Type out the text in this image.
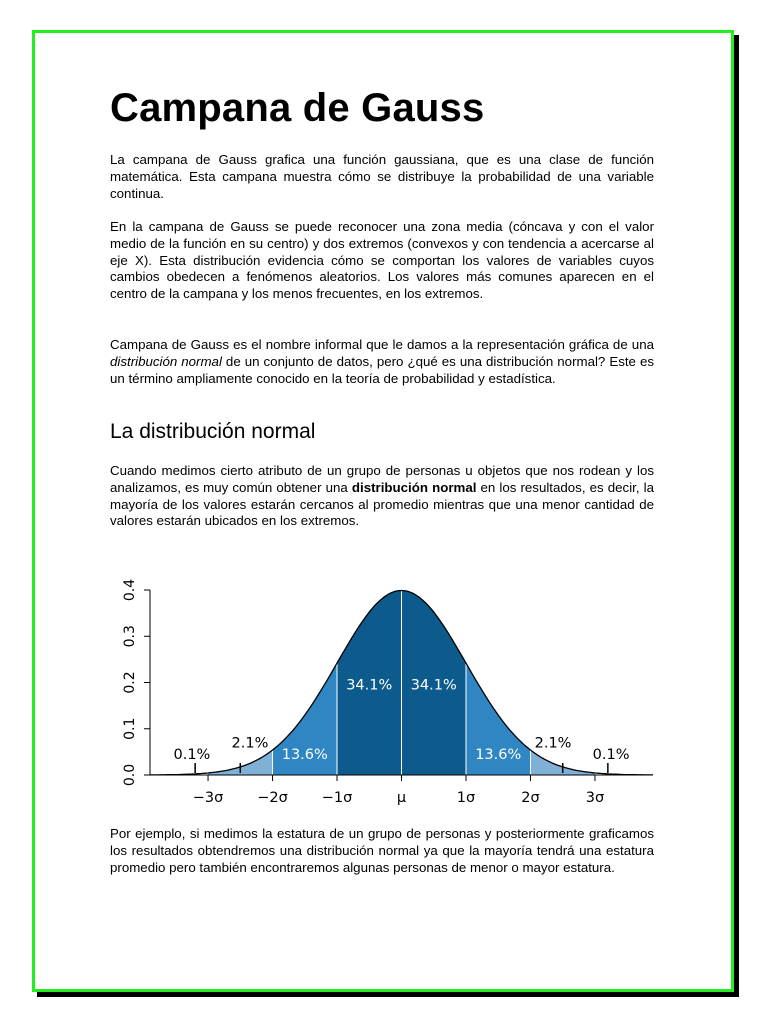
Campana de Gauss

La campana de Gauss grafica una función gaussiana, que es una clase de función matemática. Esta campana muestra cómo se distribuye la probabilidad de una variable continua.

En la campana de Gauss se puede reconocer una zona media (cóncava y con el valor medio de la función en su centro) y dos extremos (convexos y con tendencia a acercarse al eje X). Esta distribución evidencia cómo se comportan los valores de variables cuyos cambios obedecen a fenómenos aleatorios. Los valores más comunes aparecen en el centro de la campana y los menos frecuentes, en los extremos.

Campana de Gauss es el nombre informal que le damos a la representación gráfica de una distribución normal de un conjunto de datos, pero ¿qué es una distribución normal? Este es un término ampliamente conocido en la teoría de probabilidad y estadística.

La distribución normal

Cuando medimos cierto atributo de un grupo de personas u objetos que nos rodean y los analizamos, es muy común obtener una distribución normal en los resultados, es decir, la mayoría de los valores estarán cercanos al promedio mientras que una menor cantidad de valores estarán ubicados en los extremos.

Por ejemplo, si medimos la estatura de un grupo de personas y posteriormente graficamos los resultados obtendremos una distribución normal ya que la mayoría tendrá una estatura promedio pero también encontraremos algunas personas de menor o mayor estatura.

0.0
0.1
0.2
0.3
0.4
−3σ −2σ −1σ	μ	1σ	2σ	3σ
34.1% 34.1%
13.6%	13.6%
2.1%	2.1%
0.1%	0.1%
